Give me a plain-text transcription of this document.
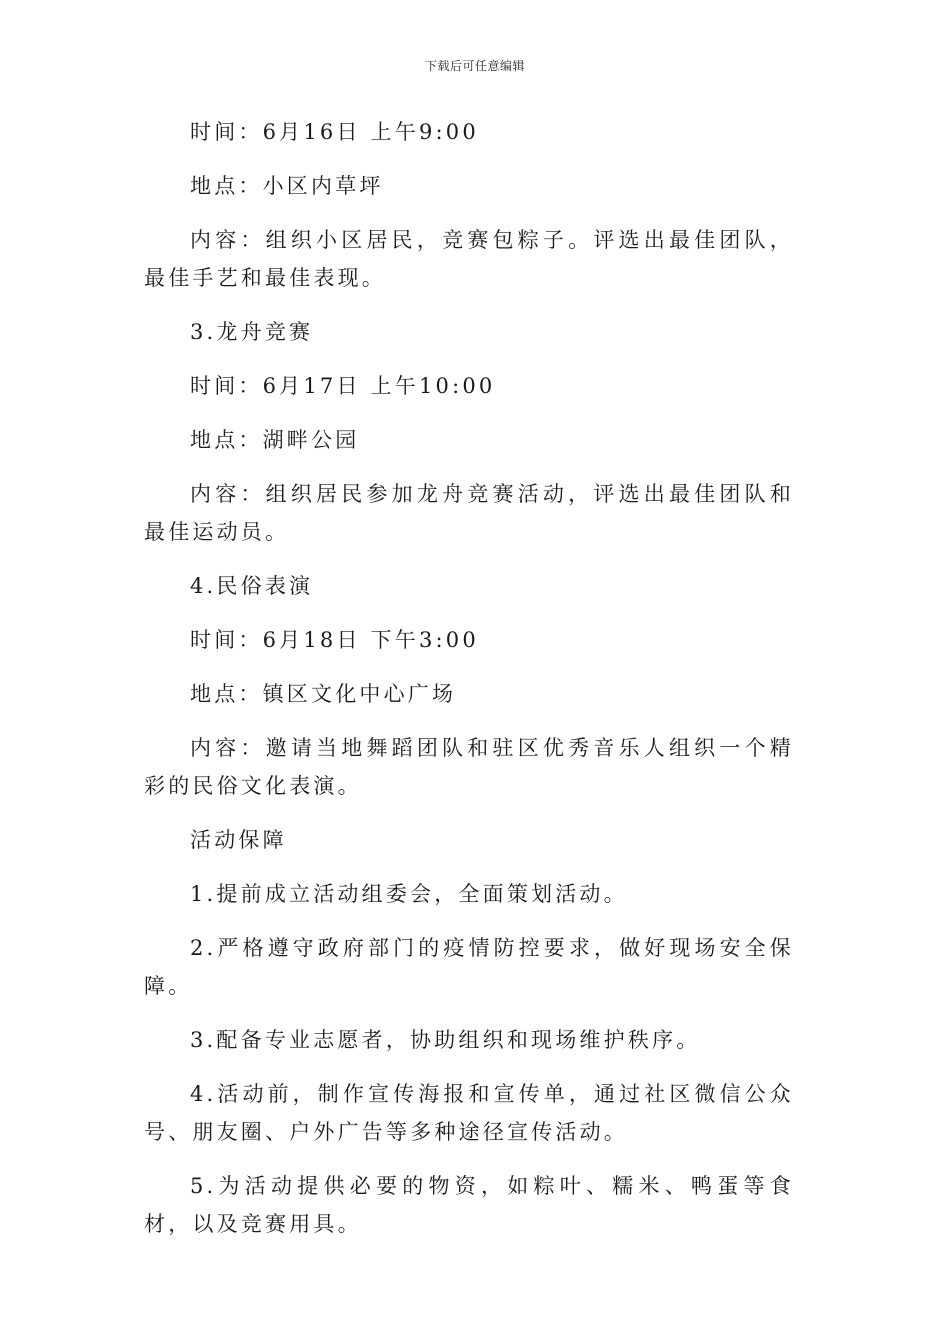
下载后可任意编辑

时间：6月16日 上午9:00

地点：小区内草坪

内容：组织小区居民，竞赛包粽子。评选出最佳团队，最佳手艺和最佳表现。

3.龙舟竞赛

时间：6月17日 上午10:00

地点：湖畔公园

内容：组织居民参加龙舟竞赛活动，评选出最佳团队和最佳运动员。

4.民俗表演

时间：6月18日 下午3:00

地点：镇区文化中心广场

内容：邀请当地舞蹈团队和驻区优秀音乐人组织一个精彩的民俗文化表演。

活动保障

1.提前成立活动组委会，全面策划活动。

2.严格遵守政府部门的疫情防控要求，做好现场安全保障。

3.配备专业志愿者，协助组织和现场维护秩序。

4.活动前，制作宣传海报和宣传单，通过社区微信公众号、朋友圈、户外广告等多种途径宣传活动。

5.为活动提供必要的物资，如粽叶、糯米、鸭蛋等食材，以及竞赛用具。
